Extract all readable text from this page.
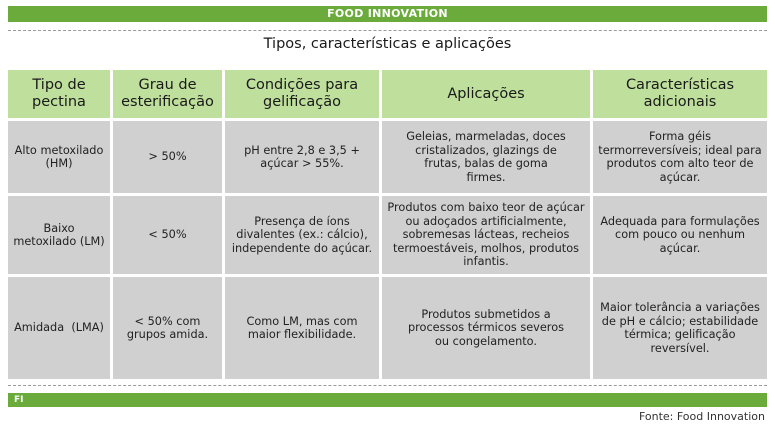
FOOD INNOVATION
Tipos, características e aplicações
Tipo de pectina
Grau de esterificação
Condições para gelificação
Aplicações
Características adicionais
Alto metoxilado (HM)
> 50%
pH entre 2,8 e 3,5 + açúcar > 55%.
Geleias, marmeladas, doces cristalizados, glazings de frutas, balas de goma firmes.
Forma géis termorreversíveis; ideal para produtos com alto teor de açúcar.
Baixo metoxilado (LM)
< 50%
Presença de íons divalentes (ex.: cálcio), independente do açúcar.
Produtos com baixo teor de açúcar ou adoçados artificialmente, sobremesas lácteas, recheios termoestáveis, molhos, produtos infantis.
Adequada para formulações com pouco ou nenhum açúcar.
Amidada  (LMA)
< 50% com grupos amida.
Como LM, mas com maior flexibilidade.
Produtos submetidos a processos térmicos severos ou congelamento.
Maior tolerância a variações de pH e cálcio; estabilidade térmica; gelificação reversível.
FI
Fonte: Food Innovation
